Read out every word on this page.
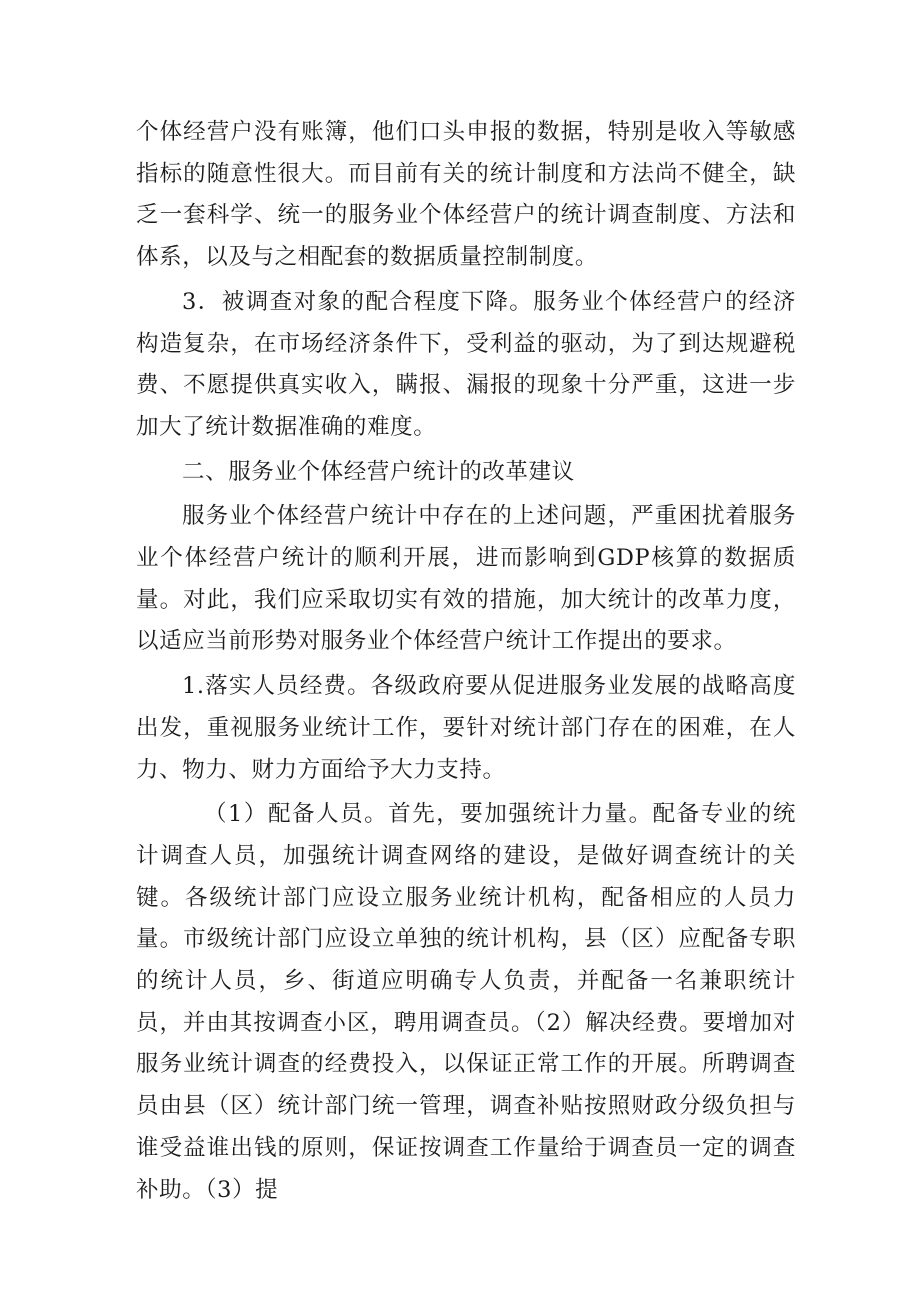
个体经营户没有账簿，他们口头申报的数据，特别是收入等敏感指标的随意性很大。而目前有关的统计制度和方法尚不健全，缺乏一套科学、统一的服务业个体经营户的统计调查制度、方法和体系，以及与之相配套的数据质量控制制度。

3．被调查对象的配合程度下降。服务业个体经营户的经济构造复杂，在市场经济条件下，受利益的驱动，为了到达规避税费、不愿提供真实收入，瞒报、漏报的现象十分严重，这进一步加大了统计数据准确的难度。

二、服务业个体经营户统计的改革建议

服务业个体经营户统计中存在的上述问题，严重困扰着服务业个体经营户统计的顺利开展，进而影响到GDP核算的数据质量。对此，我们应采取切实有效的措施，加大统计的改革力度，以适应当前形势对服务业个体经营户统计工作提出的要求。

1.落实人员经费。各级政府要从促进服务业发展的战略高度出发，重视服务业统计工作，要针对统计部门存在的困难，在人力、物力、财力方面给予大力支持。

（1）配备人员。首先，要加强统计力量。配备专业的统计调查人员，加强统计调查网络的建设，是做好调查统计的关键。各级统计部门应设立服务业统计机构，配备相应的人员力量。市级统计部门应设立单独的统计机构，县（区）应配备专职的统计人员，乡、街道应明确专人负责，并配备一名兼职统计员，并由其按调查小区，聘用调查员。（2）解决经费。要增加对服务业统计调查的经费投入，以保证正常工作的开展。所聘调查员由县（区）统计部门统一管理，调查补贴按照财政分级负担与谁受益谁出钱的原则，保证按调查工作量给于调查员一定的调查补助。（3）提
